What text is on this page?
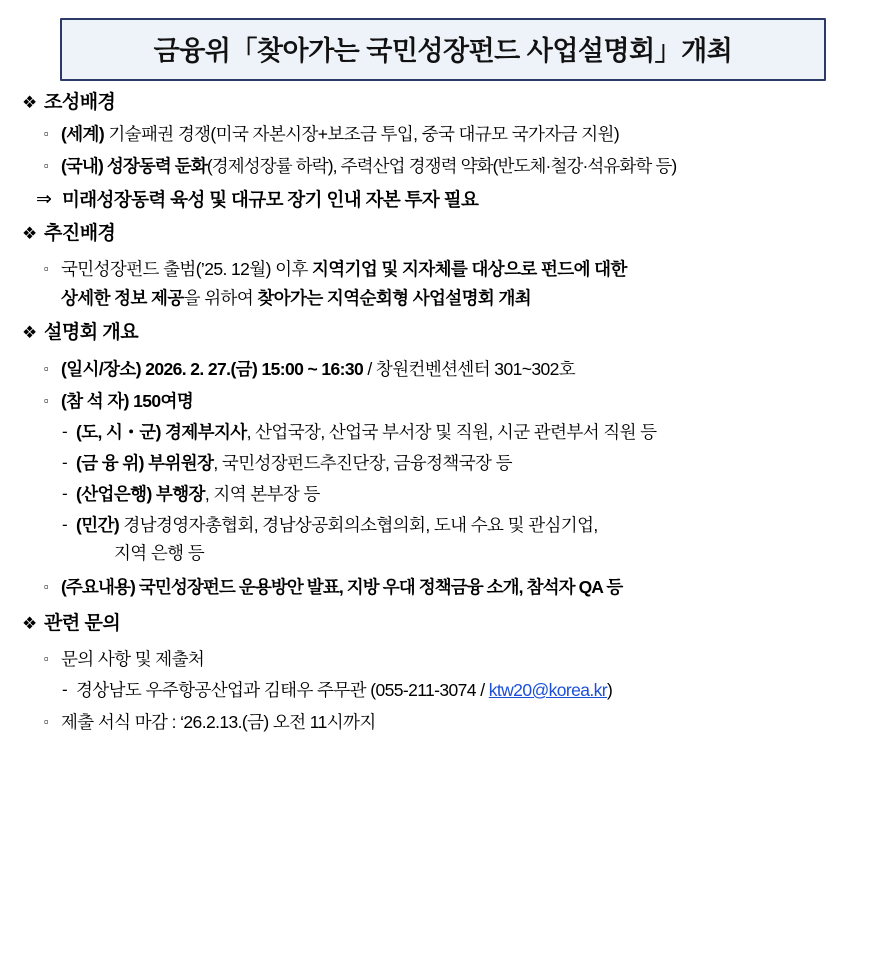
금융위「찾아가는 국민성장펀드 사업설명회」개최
❖ 조성배경
▫ (세계) 기술패권 경쟁(미국 자본시장+보조금 투입, 중국 대규모 국가자금 지원)
▫ (국내) 성장동력 둔화(경제성장률 하락), 주력산업 경쟁력 약화(반도체·철강·석유화학 등)
⇒ 미래성장동력 육성 및 대규모 장기 인내 자본 투자 필요
❖ 추진배경
▫ 국민성장펀드 출범(’25. 12월) 이후 지역기업 및 지자체를 대상으로 펀드에 대한
상세한 정보 제공을 위하여 찾아가는 지역순회형 사업설명회 개최
❖ 설명회 개요
▫ (일시/장소) 2026. 2. 27.(금) 15:00 ~ 16:30 / 창원컨벤션센터 301~302호
▫ (참 석 자) 150여명
- (도, 시・군) 경제부지사, 산업국장, 산업국 부서장 및 직원, 시군 관련부서 직원 등
- (금 융 위) 부위원장, 국민성장펀드추진단장, 금융정책국장 등
- (산업은행) 부행장, 지역 본부장 등
- (민간) 경남경영자총협회, 경남상공회의소협의회, 도내 수요 및 관심기업,
지역 은행 등
▫ (주요내용) 국민성장펀드 운용방안 발표, 지방 우대 정책금융 소개, 참석자 QA 등
❖ 관련 문의
▫ 문의 사항 및 제출처
- 경상남도 우주항공산업과 김태우 주무관 (055-211-3074 / ktw20@korea.kr)
▫ 제출 서식 마감 : ‘26.2.13.(금) 오전 11시까지
